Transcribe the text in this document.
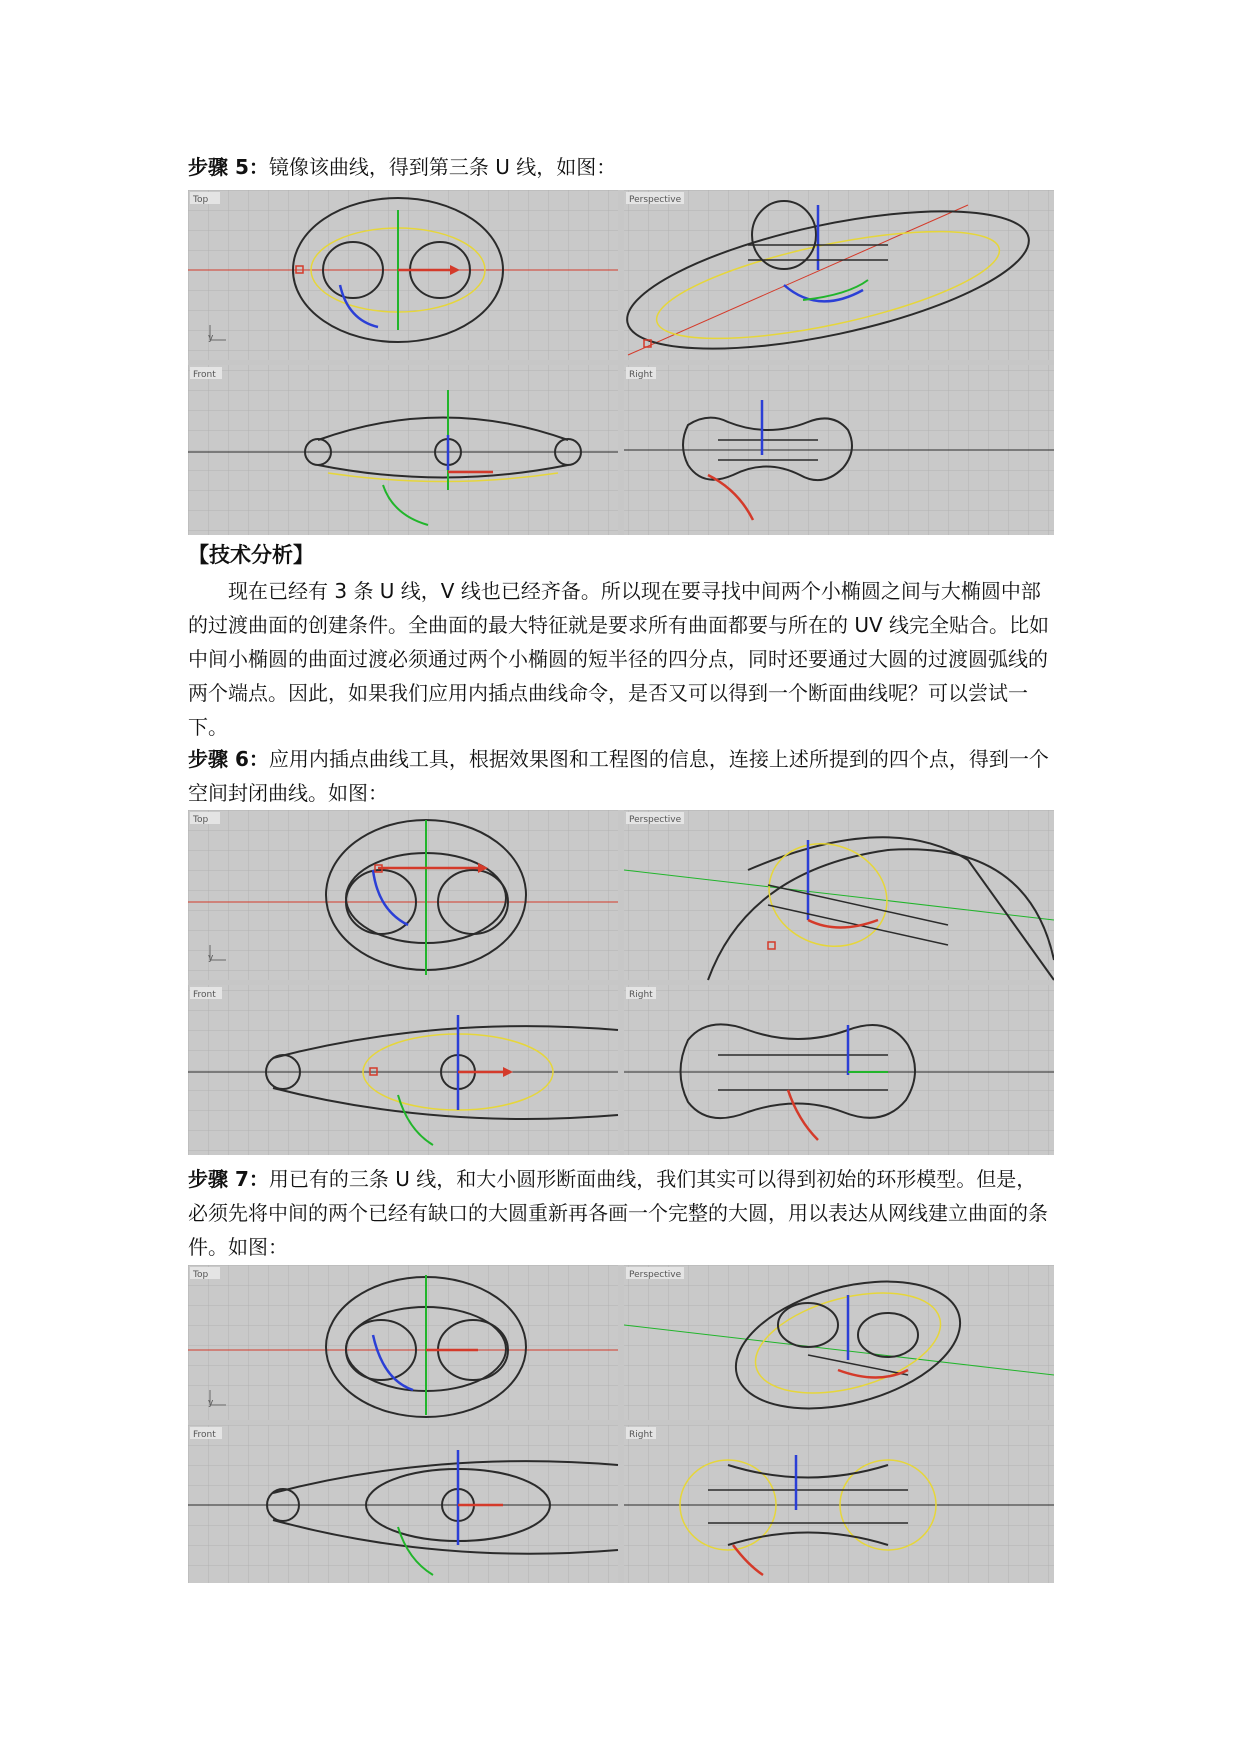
步骤 5：镜像该曲线，得到第三条 U 线，如图：

Top
y
Perspective
Front	Right

【技术分析】

现在已经有 3 条 U 线，V 线也已经齐备。所以现在要寻找中间两个小椭圆之间与大椭圆中部的过渡曲面的创建条件。全曲面的最大特征就是要求所有曲面都要与所在的 UV 线完全贴合。比如中间小椭圆的曲面过渡必须通过两个小椭圆的短半径的四分点，同时还要通过大圆的过渡圆弧线的两个端点。因此，如果我们应用内插点曲线命令，是否又可以得到一个断面曲线呢？可以尝试一下。

步骤 6：应用内插点曲线工具，根据效果图和工程图的信息，连接上述所提到的四个点，得到一个空间封闭曲线。如图：

Top
y
Perspective
Front	Right

步骤 7：用已有的三条 U 线，和大小圆形断面曲线，我们其实可以得到初始的环形模型。但是，必须先将中间的两个已经有缺口的大圆重新再各画一个完整的大圆，用以表达从网线建立曲面的条件。如图：

Top
y
Perspective
Front	Right
